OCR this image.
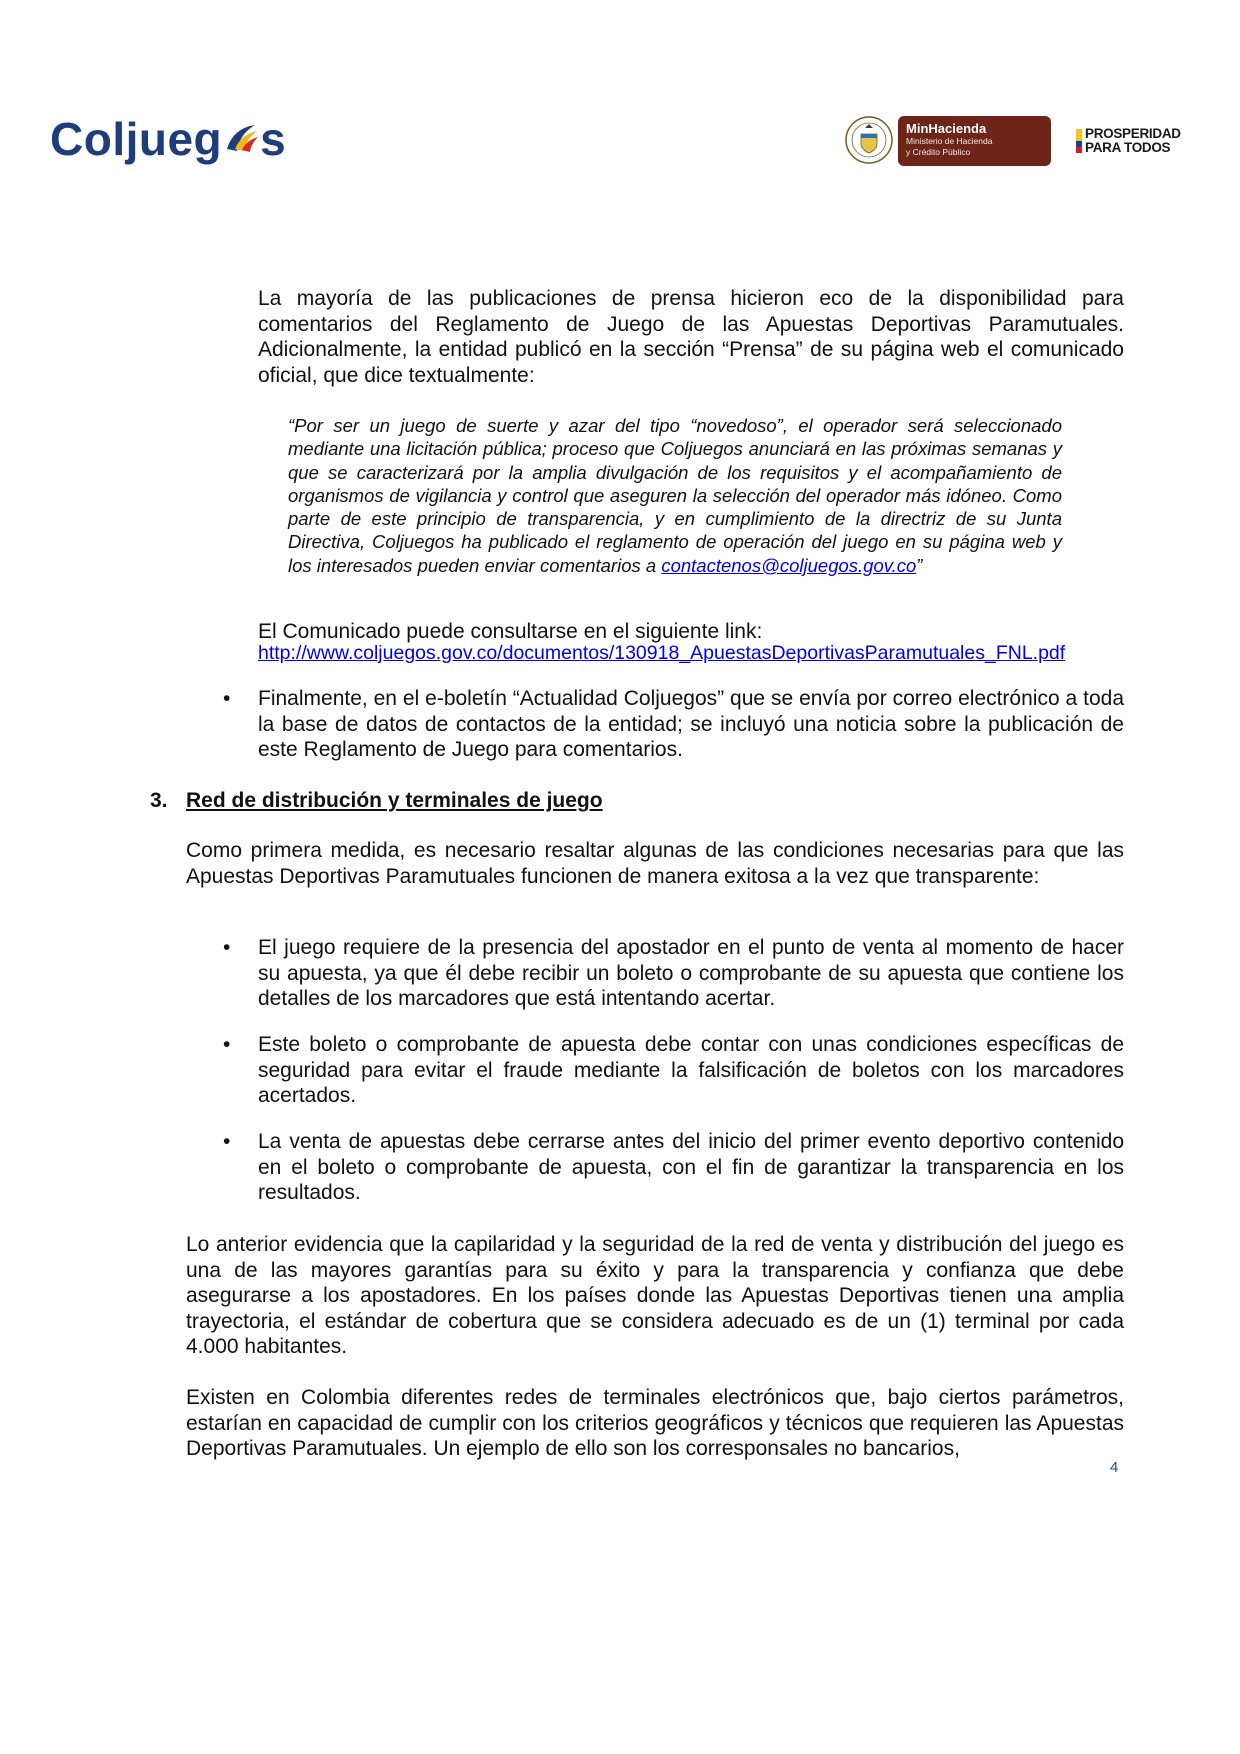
Coljueg s	MinHacienda
Ministerio de Hacienda
y Crédito Público
PROSPERIDAD
PARA TODOS

La mayoría de las publicaciones de prensa hicieron eco de la disponibilidad para comentarios del Reglamento de Juego de las Apuestas Deportivas Paramutuales. Adicionalmente, la entidad publicó en la sección “Prensa” de su página web el comunicado oficial, que dice textualmente:

“Por ser un juego de suerte y azar del tipo “novedoso”, el operador será seleccionado mediante una licitación pública; proceso que Coljuegos anunciará en las próximas semanas y que se caracterizará por la amplia divulgación de los requisitos y el acompañamiento de organismos de vigilancia y control que aseguren la selección del operador más idóneo. Como parte de este principio de transparencia, y en cumplimiento de la directriz de su Junta Directiva, Coljuegos ha publicado el reglamento de operación del juego en su página web y los interesados pueden enviar comentarios a contactenos@coljuegos.gov.co”

El Comunicado puede consultarse en el siguiente link:

http://www.coljuegos.gov.co/documentos/130918_ApuestasDeportivasParamutuales_FNL.pdf

• Finalmente, en el e-boletín “Actualidad Coljuegos” que se envía por correo electrónico a toda la base de datos de contactos de la entidad; se incluyó una noticia sobre la publicación de este Reglamento de Juego para comentarios.

3. Red de distribución y terminales de juego

Como primera medida, es necesario resaltar algunas de las condiciones necesarias para que las Apuestas Deportivas Paramutuales funcionen de manera exitosa a la vez que transparente:

• El juego requiere de la presencia del apostador en el punto de venta al momento de hacer su apuesta, ya que él debe recibir un boleto o comprobante de su apuesta que contiene los detalles de los marcadores que está intentando acertar.

• Este boleto o comprobante de apuesta debe contar con unas condiciones específicas de seguridad para evitar el fraude mediante la falsificación de boletos con los marcadores acertados.

• La venta de apuestas debe cerrarse antes del inicio del primer evento deportivo contenido en el boleto o comprobante de apuesta, con el fin de garantizar la transparencia en los resultados.

Lo anterior evidencia que la capilaridad y la seguridad de la red de venta y distribución del juego es una de las mayores garantías para su éxito y para la transparencia y confianza que debe asegurarse a los apostadores. En los países donde las Apuestas Deportivas tienen una amplia trayectoria, el estándar de cobertura que se considera adecuado es de un (1) terminal por cada 4.000 habitantes.

Existen en Colombia diferentes redes de terminales electrónicos que, bajo ciertos parámetros, estarían en capacidad de cumplir con los criterios geográficos y técnicos que requieren las Apuestas Deportivas Paramutuales. Un ejemplo de ello son los corresponsales no bancarios,

4
